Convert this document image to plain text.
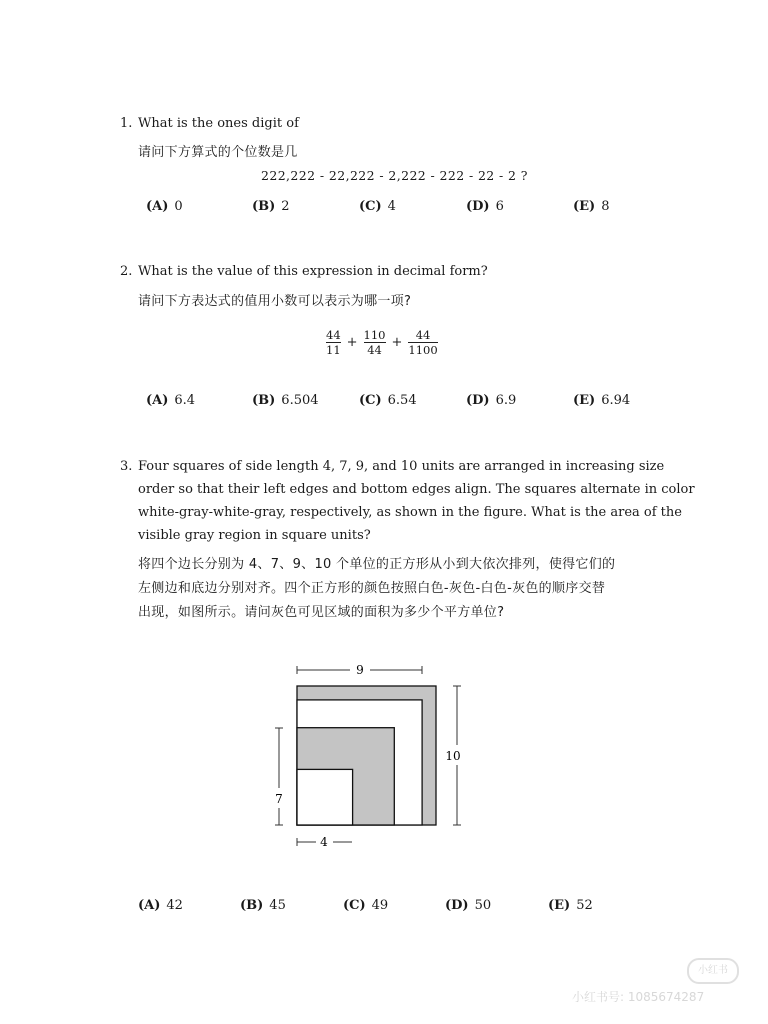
1. What is the ones digit of
请问下方算式的个位数是几
222,222 - 22,222 - 2,222 - 222 - 22 - 2 ?
(A) 0	(B) 2	(C) 4	(D) 6	(E) 8
2. What is the value of this expression in decimal form?
请问下方表达式的值用小数可以表示为哪一项?
$\frac{44}{11} + \frac{110}{44} + \frac{44}{1100}$
(A) 6.4	(B) 6.504	(C) 6.54	(D) 6.9	(E) 6.94
3. Four squares of side length 4, 7, 9, and 10 units are arranged in increasing size
order so that their left edges and bottom edges align. The squares alternate in color
white-gray-white-gray, respectively, as shown in the figure. What is the area of the
visible gray region in square units?
将四个边长分别为 4、7、9、10 个单位的正方形从小到大依次排列，使得它们的
左侧边和底边分别对齐。四个正方形的颜色按照白色-灰色-白色-灰色的顺序交替
出现，如图所示。请问灰色可见区域的面积为多少个平方单位?
9
10
7
4
(A) 42	(B) 45	(C) 49	(D) 50	(E) 52
小红书
小红书号: 1085674287
